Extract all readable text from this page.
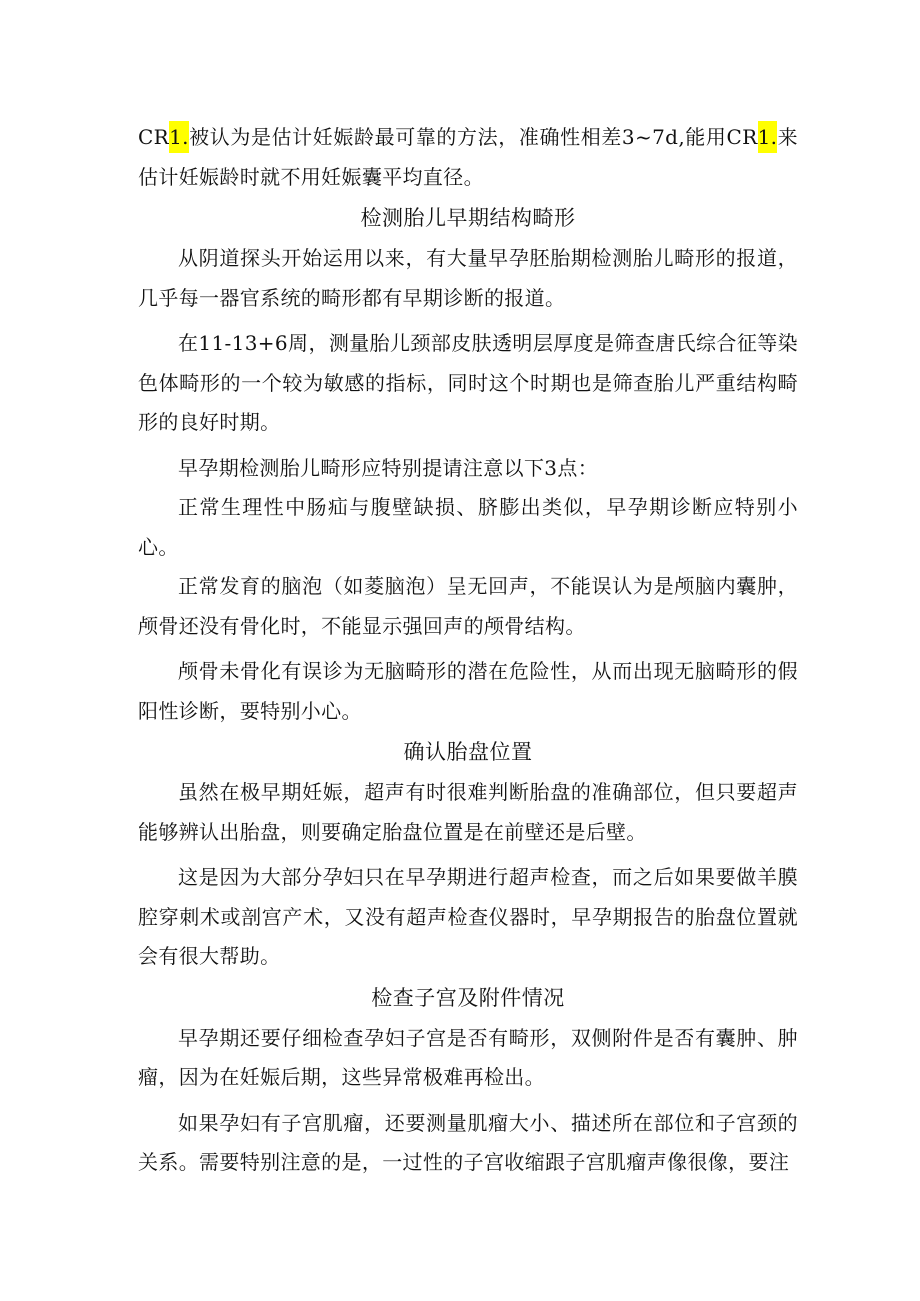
CR1.被认为是估计妊娠龄最可靠的方法，准确性相差3~7d,能用CR1.来估计妊娠龄时就不用妊娠囊平均直径。

检测胎儿早期结构畸形

从阴道探头开始运用以来，有大量早孕胚胎期检测胎儿畸形的报道，几乎每一器官系统的畸形都有早期诊断的报道。

在11-13+6周，测量胎儿颈部皮肤透明层厚度是筛查唐氏综合征等染色体畸形的一个较为敏感的指标，同时这个时期也是筛查胎儿严重结构畸形的良好时期。

早孕期检测胎儿畸形应特别提请注意以下3点：

正常生理性中肠疝与腹壁缺损、脐膨出类似，早孕期诊断应特别小心。

正常发育的脑泡（如菱脑泡）呈无回声，不能误认为是颅脑内囊肿，颅骨还没有骨化时，不能显示强回声的颅骨结构。

颅骨未骨化有误诊为无脑畸形的潜在危险性，从而出现无脑畸形的假阳性诊断，要特别小心。

确认胎盘位置

虽然在极早期妊娠，超声有时很难判断胎盘的准确部位，但只要超声能够辨认出胎盘，则要确定胎盘位置是在前壁还是后壁。

这是因为大部分孕妇只在早孕期进行超声检查，而之后如果要做羊膜腔穿刺术或剖宫产术，又没有超声检查仪器时，早孕期报告的胎盘位置就会有很大帮助。

检查子宫及附件情况

早孕期还要仔细检查孕妇子宫是否有畸形，双侧附件是否有囊肿、肿瘤，因为在妊娠后期，这些异常极难再检出。

如果孕妇有子宫肌瘤，还要测量肌瘤大小、描述所在部位和子宫颈的关系。需要特别注意的是，一过性的子宫收缩跟子宫肌瘤声像很像，要注
